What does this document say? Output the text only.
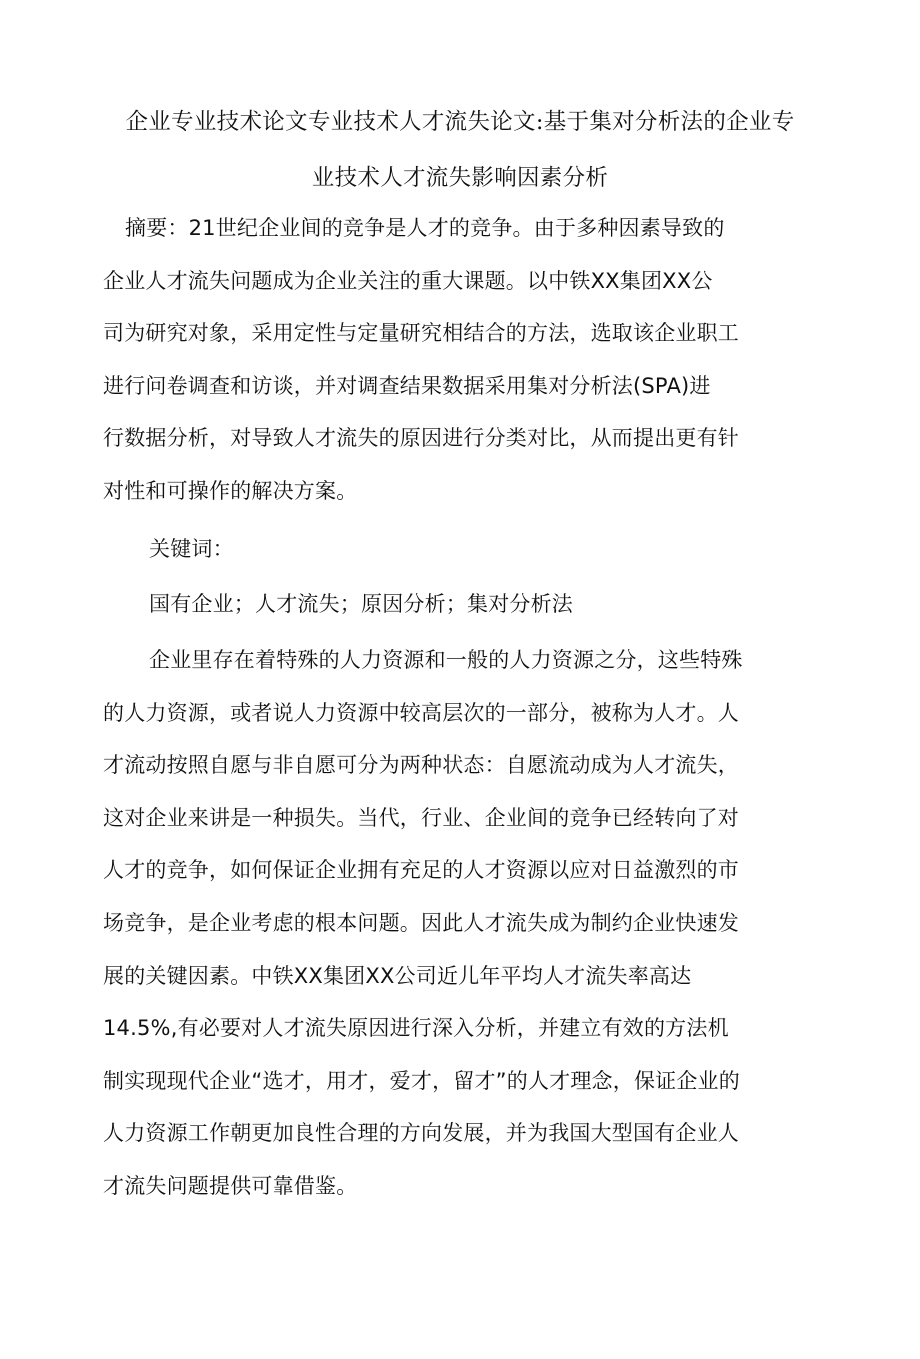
企业专业技术论文专业技术人才流失论文:基于集对分析法的企业专
业技术人才流失影响因素分析
摘要：21世纪企业间的竞争是人才的竞争。由于多种因素导致的
企业人才流失问题成为企业关注的重大课题。以中铁XX集团XX公
司为研究对象，采用定性与定量研究相结合的方法，选取该企业职工
进行问卷调查和访谈，并对调查结果数据采用集对分析法(SPA)进
行数据分析，对导致人才流失的原因进行分类对比，从而提出更有针
对性和可操作的解决方案。
关键词：
国有企业；人才流失；原因分析；集对分析法
企业里存在着特殊的人力资源和一般的人力资源之分，这些特殊
的人力资源，或者说人力资源中较高层次的一部分，被称为人才。人
才流动按照自愿与非自愿可分为两种状态：自愿流动成为人才流失，
这对企业来讲是一种损失。当代，行业、企业间的竞争已经转向了对
人才的竞争，如何保证企业拥有充足的人才资源以应对日益激烈的市
场竞争，是企业考虑的根本问题。因此人才流失成为制约企业快速发
展的关键因素。中铁XX集团XX公司近儿年平均人才流失率高达
14.5%,有必要对人才流失原因进行深入分析，并建立有效的方法机
制实现现代企业“选才，用才，爱才，留才”的人才理念，保证企业的
人力资源工作朝更加良性合理的方向发展，并为我国大型国有企业人
才流失问题提供可靠借鉴。
